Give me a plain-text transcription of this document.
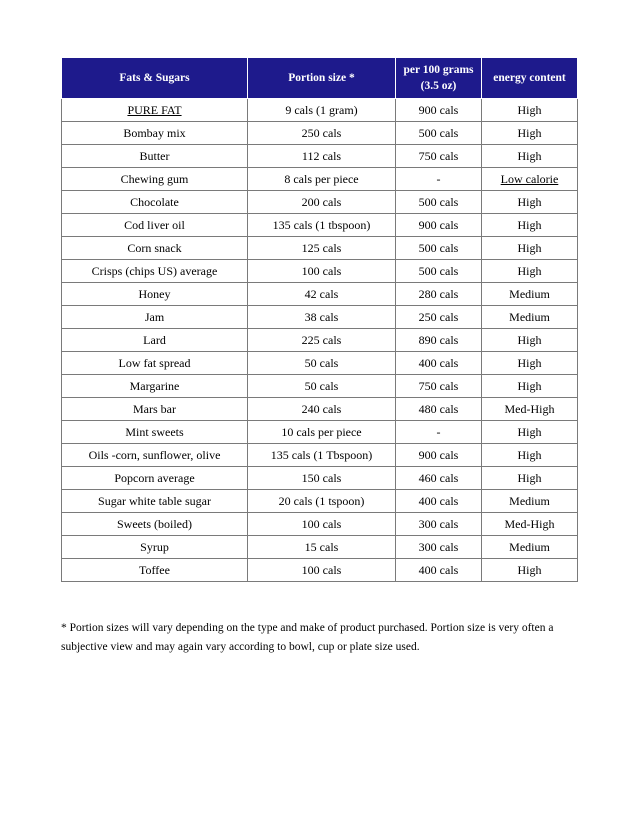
Fats & Sugars	Portion size *	per 100 grams (3.5 oz)	energy content
PURE FAT	9 cals (1 gram)	900 cals	High
Bombay mix	250 cals	500 cals	High
Butter	112 cals	750 cals	High
Chewing gum	8 cals per piece	-	Low calorie
Chocolate	200 cals	500 cals	High
Cod liver oil	135 cals (1 tbspoon)	900 cals	High
Corn snack	125 cals	500 cals	High
Crisps (chips US) average	100 cals	500 cals	High
Honey	42 cals	280 cals	Medium
Jam	38 cals	250 cals	Medium
Lard	225 cals	890 cals	High
Low fat spread	50 cals	400 cals	High
Margarine	50 cals	750 cals	High
Mars bar	240 cals	480 cals	Med-High
Mint sweets	10 cals per piece	-	High
Oils -corn, sunflower, olive	135 cals (1 Tbspoon)	900 cals	High
Popcorn average	150 cals	460 cals	High
Sugar white table sugar	20 cals (1 tspoon)	400 cals	Medium
Sweets (boiled)	100 cals	300 cals	Med-High
Syrup	15 cals	300 cals	Medium
Toffee	100 cals	400 cals	High

* Portion sizes will vary depending on the type and make of product purchased. Portion size is very often a subjective view and may again vary according to bowl, cup or plate size used.
